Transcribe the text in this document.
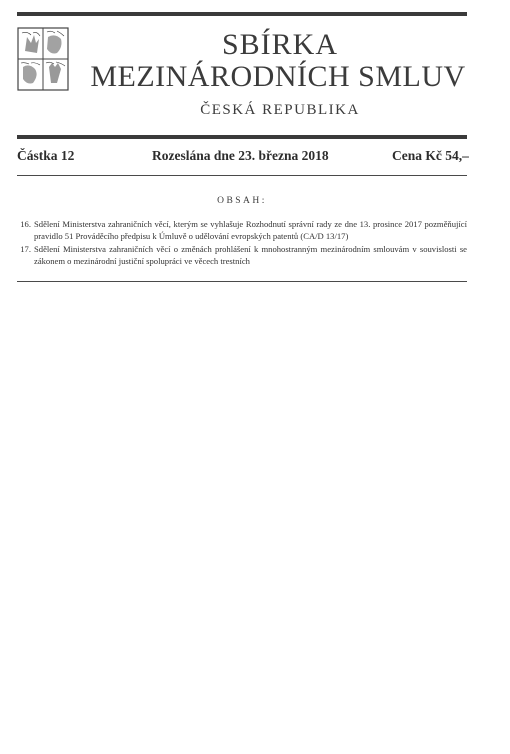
SBÍRKA
MEZINÁRODNÍCH SMLUV
ČESKÁ REPUBLIKA
Částka 12	Rozeslána dne 23. března 2018	Cena Kč 54,–
OBSAH:
16. Sdělení Ministerstva zahraničních věcí, kterým se vyhlašuje Rozhodnutí správní rady ze dne 13. prosince 2017 pozměňující pravidlo 51 Prováděcího předpisu k Úmluvě o udělování evropských patentů (CA/D 13/17)
17. Sdělení Ministerstva zahraničních věcí o změnách prohlášení k mnohostranným mezinárodním smlouvám v souvislosti se zákonem o mezinárodní justiční spolupráci ve věcech trestních
